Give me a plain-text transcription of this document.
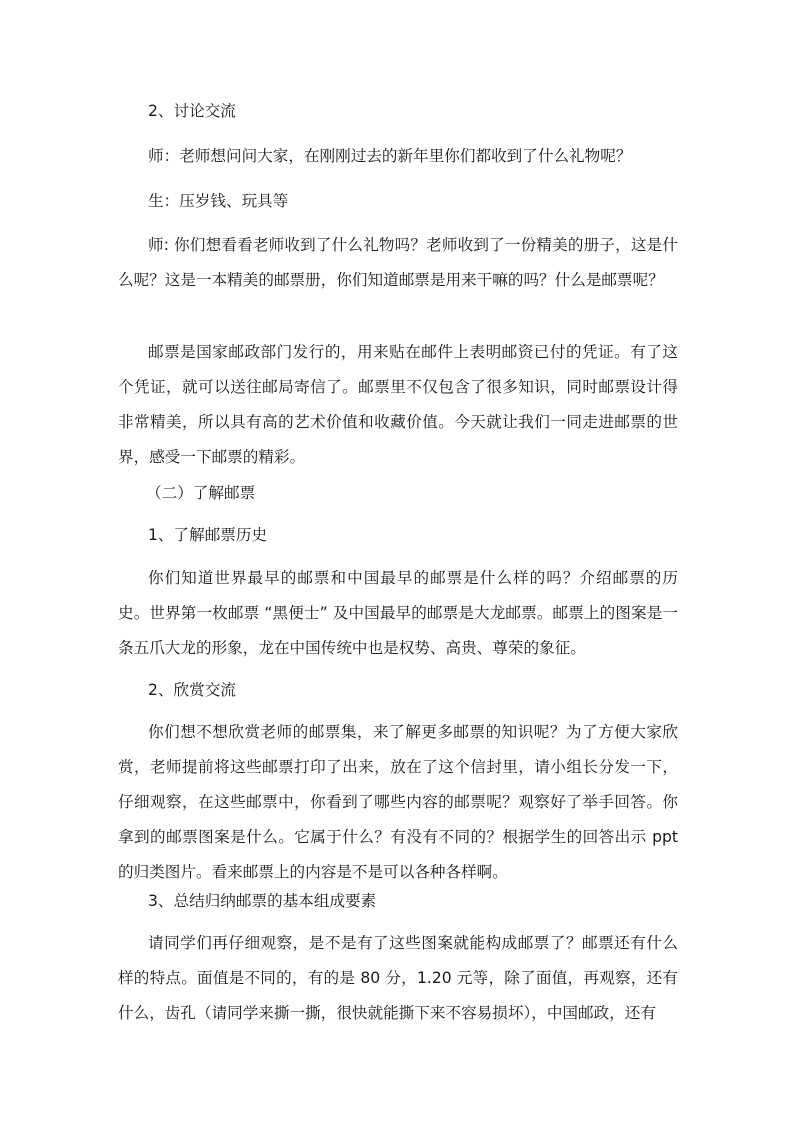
2、讨论交流

师：老师想问问大家，在刚刚过去的新年里你们都收到了什么礼物呢？

生：压岁钱、玩具等

师: 你们想看看老师收到了什么礼物吗？老师收到了一份精美的册子，这是什么呢？这是一本精美的邮票册，你们知道邮票是用来干嘛的吗？什么是邮票呢？

邮票是国家邮政部门发行的，用来贴在邮件上表明邮资已付的凭证。有了这个凭证，就可以送往邮局寄信了。邮票里不仅包含了很多知识，同时邮票设计得非常精美，所以具有高的艺术价值和收藏价值。今天就让我们一同走进邮票的世界，感受一下邮票的精彩。

（二）了解邮票

1、了解邮票历史

你们知道世界最早的邮票和中国最早的邮票是什么样的吗？介绍邮票的历史。世界第一枚邮票 “黑便士” 及中国最早的邮票是大龙邮票。邮票上的图案是一条五爪大龙的形象，龙在中国传统中也是权势、高贵、尊荣的象征。

2、欣赏交流

你们想不想欣赏老师的邮票集，来了解更多邮票的知识呢？为了方便大家欣赏，老师提前将这些邮票打印了出来，放在了这个信封里，请小组长分发一下，仔细观察，在这些邮票中，你看到了哪些内容的邮票呢？观察好了举手回答。你拿到的邮票图案是什么。它属于什么？有没有不同的？根据学生的回答出示 ppt 的归类图片。看来邮票上的内容是不是可以各种各样啊。

3、总结归纳邮票的基本组成要素

请同学们再仔细观察，是不是有了这些图案就能构成邮票了？邮票还有什么样的特点。面值是不同的，有的是 80 分，1.20 元等，除了面值，再观察，还有什么，齿孔（请同学来撕一撕，很快就能撕下来不容易损坏），中国邮政，还有
